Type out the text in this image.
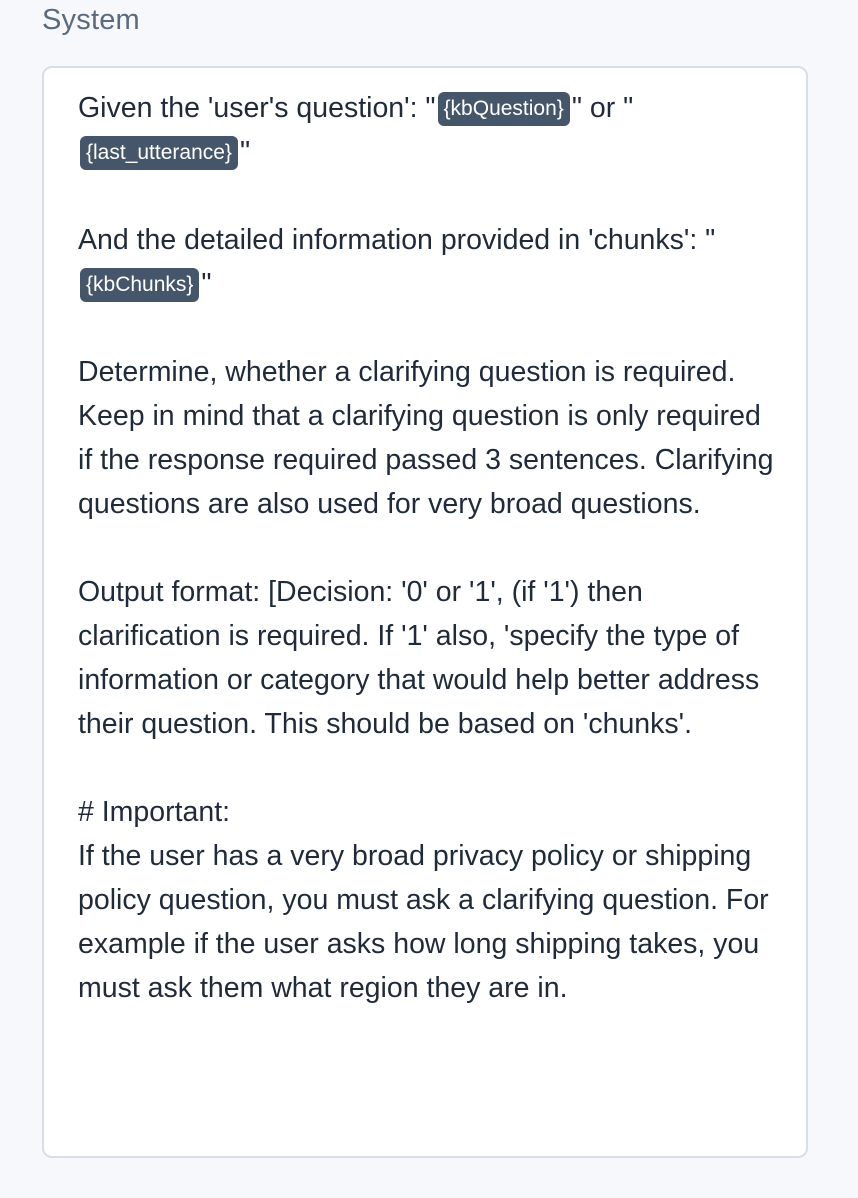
System
Given the 'user's question': " {kbQuestion} " or "{last_utterance} "
And the detailed information provided in 'chunks': "{kbChunks} "
Determine, whether a clarifying question is required. Keep in mind that a clarifying question is only required if the response required passed 3 sentences. Clarifying questions are also used for very broad questions.
Output format: [Decision: '0' or '1', (if '1') then clarification is required. If '1' also, 'specify the type of information or category that would help better address their question. This should be based on 'chunks'.
# Important:
If the user has a very broad privacy policy or shipping policy question, you must ask a clarifying question. For example if the user asks how long shipping takes, you must ask them what region they are in.
